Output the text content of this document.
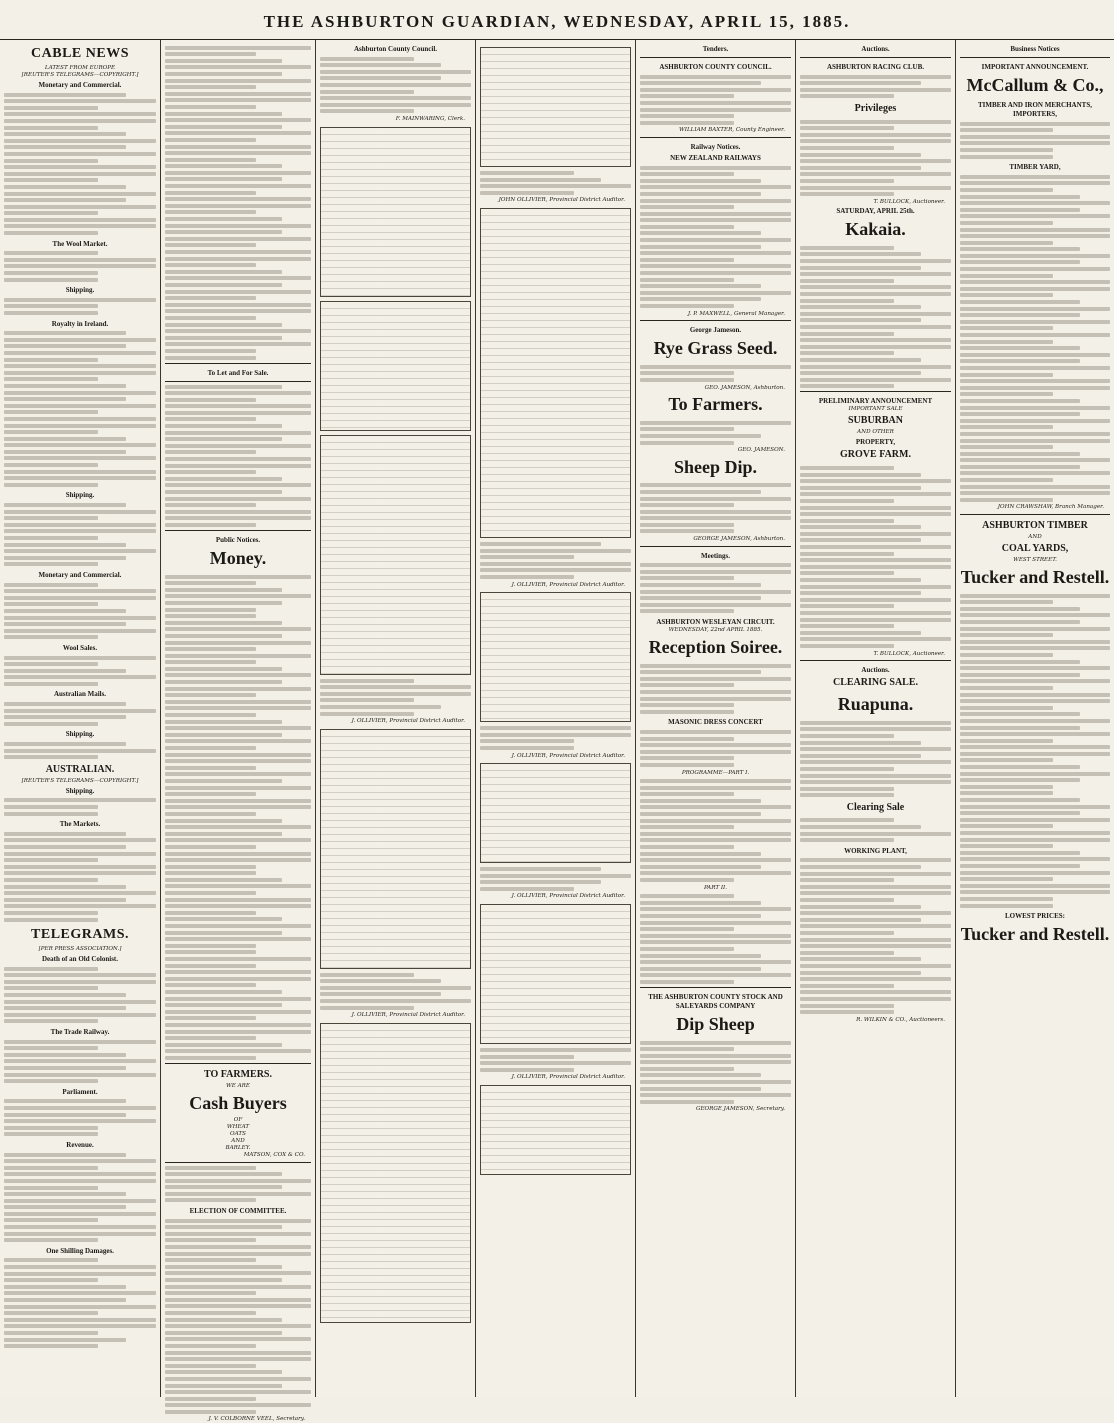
THE ASHBURTON GUARDIAN, WEDNESDAY, APRIL 15, 1885.
CABLE NEWS
LATEST FROM EUROPE
[REUTER'S TELEGRAMS—COPYRIGHT.]
Monetary and Commercial.
The Wool Market.
Shipping.
Royalty in Ireland.
Shipping.
Monetary and Commercial.
Wool Sales.
Australian Mails.
Shipping.
AUSTRALIAN.
[REUTER'S TELEGRAMS—COPYRIGHT.]
Shipping.
The Markets.
TELEGRAMS.
[PER PRESS ASSOCIATION.]
Death of an Old Colonist.
The Trade Railway.
Parliament.
Revenue.
One Shilling Damages.
To Let and For Sale.
Public Notices.
Money.
TO FARMERS.
WE ARE
Cash Buyers
OF
WHEAT
OATS
AND
BARLEY.
MATSON, COX & CO.
ELECTION OF COMMITTEE.
J. V. COLBORNE VEEL, Secretary.
Ashburton County Council.
F. MAINWARING, Clerk.
J. OLLIVIER, Provincial District Auditor.
J. OLLIVIER, Provincial District Auditor.
JOHN OLLIVIER, Provincial District Auditor.
J. OLLIVIER, Provincial District Auditor.
J. OLLIVIER, Provincial District Auditor.
J. OLLIVIER, Provincial District Auditor.
J. OLLIVIER, Provincial District Auditor.
Tenders.
ASHBURTON COUNTY COUNCIL.
WILLIAM BAXTER, County Engineer.
Railway Notices.
NEW ZEALAND RAILWAYS
J. P. MAXWELL, General Manager.
George Jameson.
Rye Grass Seed.
GEO. JAMESON, Ashburton.
To Farmers.
GEO. JAMESON.
Sheep Dip.
GEORGE JAMESON, Ashburton.
Meetings.
ASHBURTON WESLEYAN CIRCUIT.
WEDNESDAY, 22nd APRIL 1885.
Reception Soiree.
MASONIC DRESS CONCERT
PROGRAMME—PART I.
PART II.
THE ASHBURTON COUNTY STOCK AND SALEYARDS COMPANY
Dip Sheep
GEORGE JAMESON, Secretary.
Auctions.
ASHBURTON RACING CLUB.
Privileges
T. BULLOCK, Auctioneer.
SATURDAY, APRIL 25th.
Kakaia.
PRELIMINARY ANNOUNCEMENT
IMPORTANT SALE
SUBURBAN
AND OTHER
PROPERTY,
GROVE FARM.
T. BULLOCK, Auctioneer.
Auctions.
CLEARING SALE.
Ruapuna.
Clearing Sale
WORKING PLANT,
R. WILKIN & CO., Auctioneers.
Business Notices
IMPORTANT ANNOUNCEMENT.
McCallum & Co.,
TIMBER AND IRON MERCHANTS, IMPORTERS,
TIMBER YARD,
JOHN CRAWSHAW, Branch Manager.
ASHBURTON TIMBER
AND
COAL YARDS,
WEST STREET.
Tucker and Restell.
LOWEST PRICES:
Tucker and Restell.
